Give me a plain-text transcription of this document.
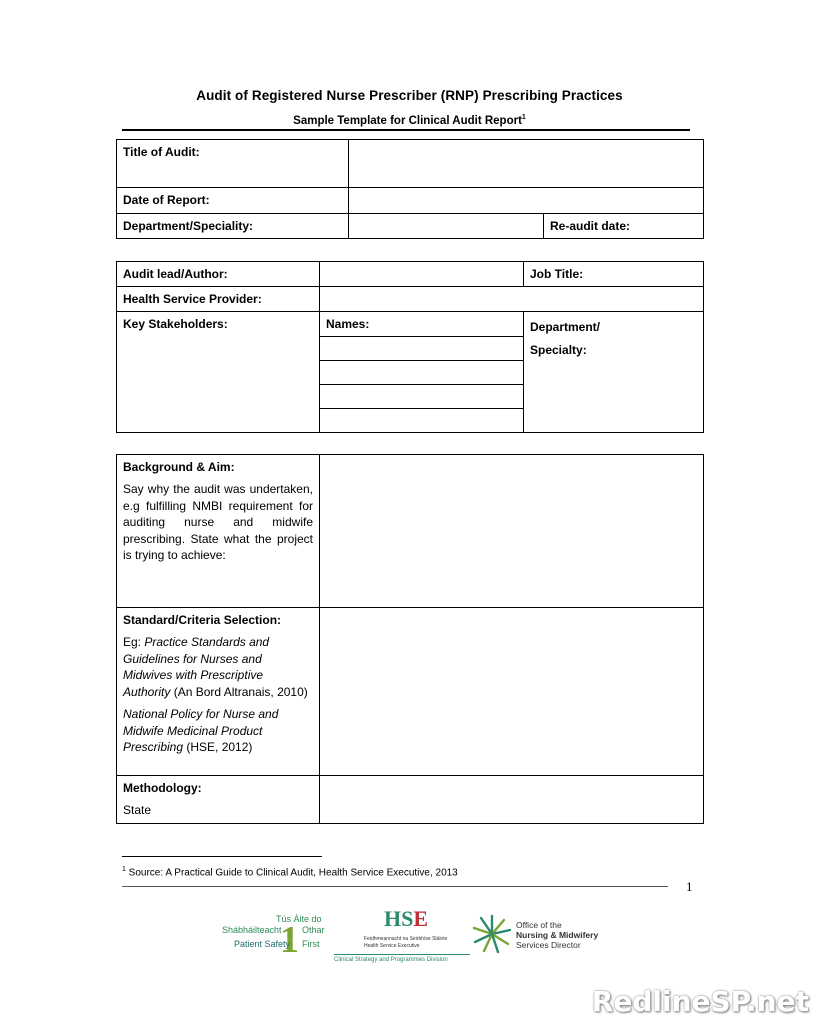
Audit of Registered Nurse Prescriber (RNP) Prescribing Practices
Sample Template for Clinical Audit Report$^1$
Title of Audit:		
Date of Report:		
Department/Speciality:		Re-audit date:
Audit lead/Author:		Job Title:
Health Service Provider:		
Key Stakeholders:	Names:	Department/
Specialty:

Background & Aim:
Say why the audit was undertaken, e.g fulfilling NMBI requirement for auditing nurse and midwife prescribing. State what the project is trying to achieve:	

Standard/Criteria Selection:
Eg: Practice Standards and Guidelines for Nurses and Midwives with Prescriptive Authority (An Bord Altranais, 2010)
National Policy for Nurse and Midwife Medicinal Product Prescribing (HSE, 2012)	

Methodology:
State	

$^1$ Source: A Practical Guide to Clinical Audit, Health Service Executive, 2013
1
Tús Áite do
Shábháilteacht
1 Othar
Patient Safety First
HSE
Feidhmeannacht na Seirbhíse Sláinte
Health Service Executive
Clinical Strategy and Programmes Division
Office of the
Nursing & Midwifery
Services Director
RedlineSP.net
